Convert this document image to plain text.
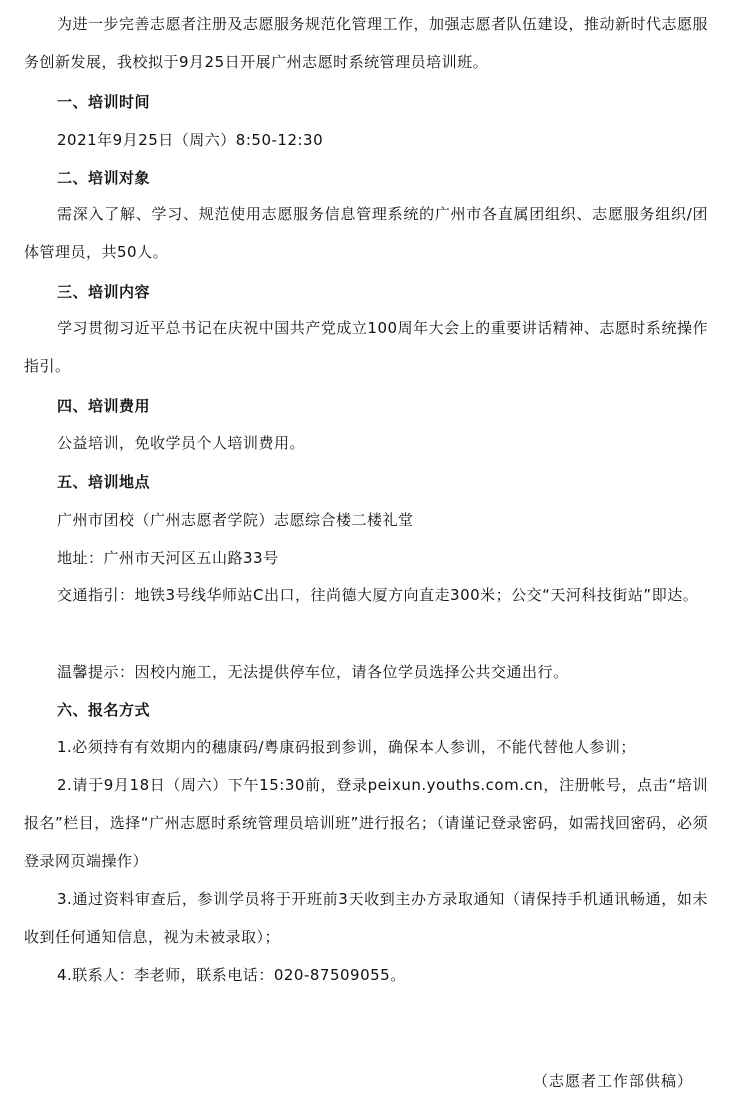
为进一步完善志愿者注册及志愿服务规范化管理工作，加强志愿者队伍建设，推动新时代志愿服务创新发展，我校拟于9月25日开展广州志愿时系统管理员培训班。
一、培训时间
2021年9月25日（周六）8:50-12:30
二、培训对象
需深入了解、学习、规范使用志愿服务信息管理系统的广州市各直属团组织、志愿服务组织/团体管理员，共50人。
三、培训内容
学习贯彻习近平总书记在庆祝中国共产党成立100周年大会上的重要讲话精神、志愿时系统操作指引。
四、培训费用
公益培训，免收学员个人培训费用。
五、培训地点
广州市团校（广州志愿者学院）志愿综合楼二楼礼堂
地址：广州市天河区五山路33号
交通指引：地铁3号线华师站C出口，往尚德大厦方向直走300米；公交“天河科技街站”即达。
温馨提示：因校内施工，无法提供停车位，请各位学员选择公共交通出行。
六、报名方式
1.必须持有有效期内的穗康码/粤康码报到参训，确保本人参训，不能代替他人参训；
2.请于9月18日（周六）下午15:30前，登录peixun.youths.com.cn，注册帐号，点击“培训报名”栏目，选择“广州志愿时系统管理员培训班”进行报名；（请谨记登录密码，如需找回密码，必须登录网页端操作）
3.通过资料审查后，参训学员将于开班前3天收到主办方录取通知（请保持手机通讯畅通，如未收到任何通知信息，视为未被录取）；
4.联系人：李老师，联系电话：020-87509055。
（志愿者工作部供稿）
